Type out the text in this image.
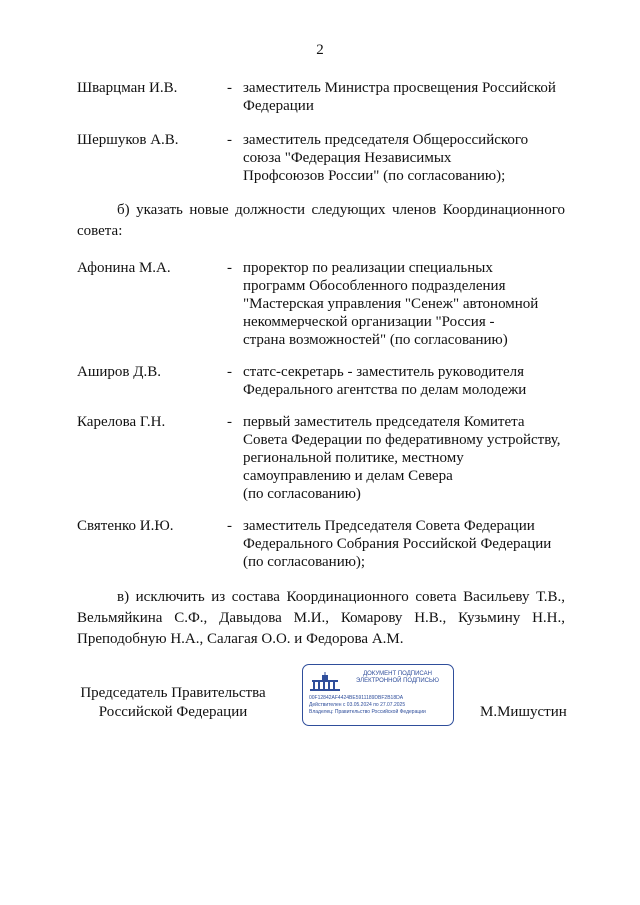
2
Шварцман И.В.	- заместитель Министра просвещения Российской
Федерации
Шершуков А.В.	- заместитель председателя Общероссийского
союза "Федерация Независимых
Профсоюзов России" (по согласованию);
б) указать новые должности следующих членов Координационного
совета:
Афонина М.А.	- проректор по реализации специальных
программ Обособленного подразделения
"Мастерская управления "Сенеж" автономной
некоммерческой организации "Россия -
страна возможностей" (по согласованию)
Аширов Д.В.	- статс-секретарь - заместитель руководителя
Федерального агентства по делам молодежи
Карелова Г.Н.	- первый заместитель председателя Комитета
Совета Федерации по федеративному устройству,
региональной политике, местному
самоуправлению и делам Севера
(по согласованию)
Святенко И.Ю.	- заместитель Председателя Совета Федерации
Федерального Собрания Российской Федерации
(по согласованию);
в) исключить из состава Координационного совета Васильеву Т.В.,
Вельмяйкина С.Ф., Давыдова М.И., Комарову Н.В., Кузьмину Н.Н.,
Преподобную Н.А., Салагая О.О. и Федорова А.М.
Председатель Правительства
Российской Федерации
ДОКУМЕНТ ПОДПИСАН
ЭЛЕКТРОННОЙ ПОДПИСЬЮ
00F12842AF4424BE5911189DBF2B18DA
Действителен с 03.05.2024 по 27.07.2025
Владелец: Правительство Российской Федерации	М.Мишустин
